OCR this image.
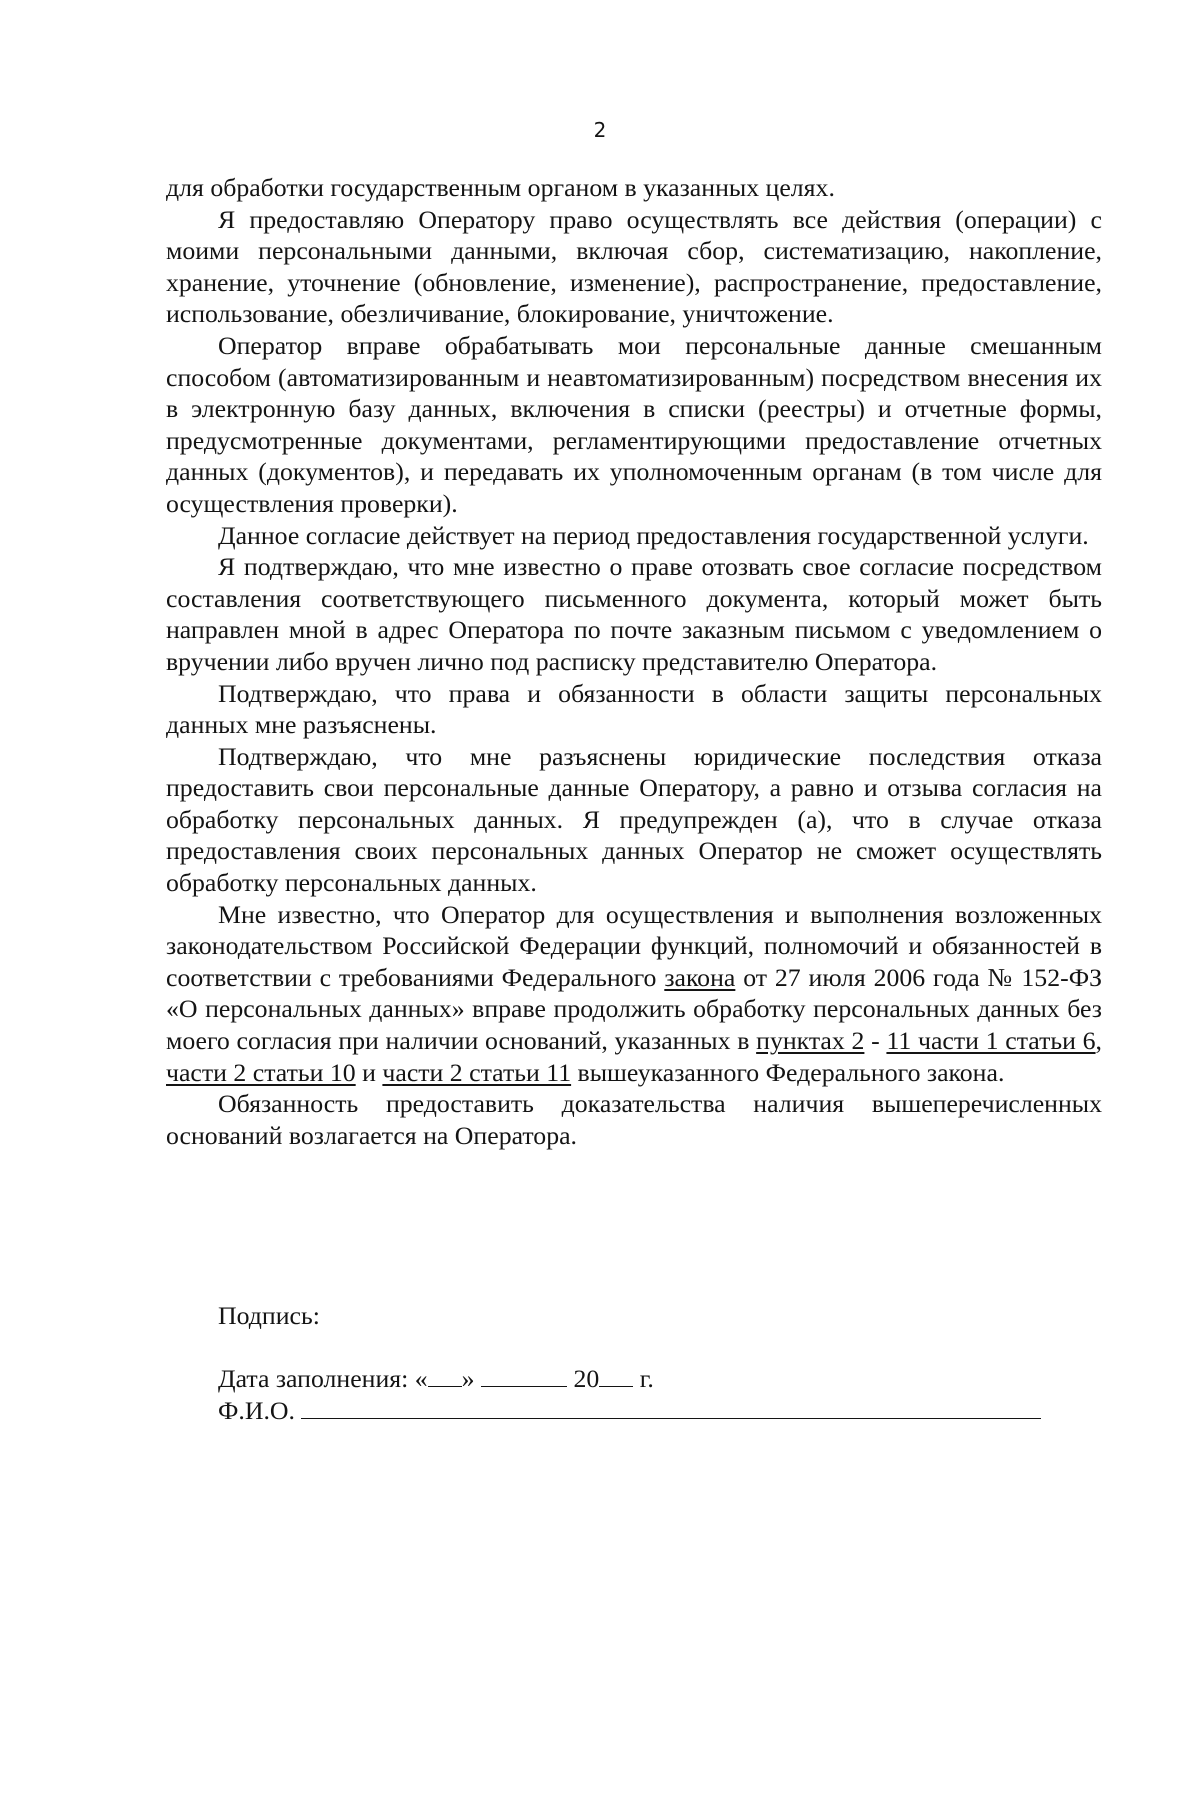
2

для обработки государственным органом в указанных целях.

Я предоставляю Оператору право осуществлять все действия (операции) с моими персональными данными, включая сбор, систематизацию, накопление, хранение, уточнение (обновление, изменение), распространение, предоставление, использование, обезличивание, блокирование, уничтожение.

Оператор вправе обрабатывать мои персональные данные смешанным способом (автоматизированным и неавтоматизированным) посредством внесения их в электронную базу данных, включения в списки (реестры) и отчетные формы, предусмотренные документами, регламентирующими предоставление отчетных данных (документов), и передавать их уполномоченным органам (в том числе для осуществления проверки).

Данное согласие действует на период предоставления государственной услуги.

Я подтверждаю, что мне известно о праве отозвать свое согласие посредством составления соответствующего письменного документа, который может быть направлен мной в адрес Оператора по почте заказным письмом с уведомлением о вручении либо вручен лично под расписку представителю Оператора.

Подтверждаю, что права и обязанности в области защиты персональных данных мне разъяснены.

Подтверждаю, что мне разъяснены юридические последствия отказа предоставить свои персональные данные Оператору, а равно и отзыва согласия на обработку персональных данных. Я предупрежден (а), что в случае отказа предоставления своих персональных данных Оператор не сможет осуществлять обработку персональных данных.

Мне известно, что Оператор для осуществления и выполнения возложенных законодательством Российской Федерации функций, полномочий и обязанностей в соответствии с требованиями Федерального закона от 27 июля 2006 года № 152-ФЗ «О персональных данных» вправе продолжить обработку персональных данных без моего согласия при наличии оснований, указанных в пунктах 2 - 11 части 1 статьи 6, части 2 статьи 10 и части 2 статьи 11 вышеуказанного Федерального закона.

Обязанность предоставить доказательства наличия вышеперечисленных оснований возлагается на Оператора.

Подпись:
Дата заполнения: « »	20 г.
Ф.И.О.
